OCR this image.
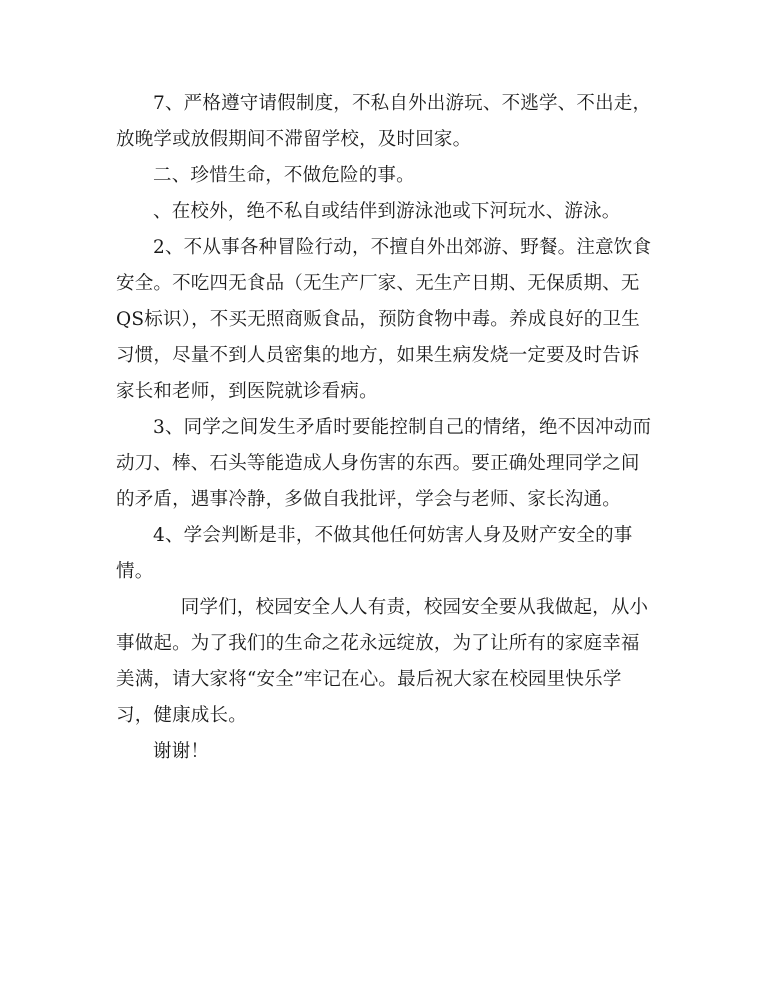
7、严格遵守请假制度，不私自外出游玩、不逃学、不出走，放晚学或放假期间不滞留学校，及时回家。

二、珍惜生命，不做危险的事。

、在校外，绝不私自或结伴到游泳池或下河玩水、游泳。

2、不从事各种冒险行动，不擅自外出郊游、野餐。注意饮食安全。不吃四无食品（无生产厂家、无生产日期、无保质期、无QS标识），不买无照商贩食品，预防食物中毒。养成良好的卫生习惯，尽量不到人员密集的地方，如果生病发烧一定要及时告诉家长和老师，到医院就诊看病。

3、同学之间发生矛盾时要能控制自己的情绪，绝不因冲动而动刀、棒、石头等能造成人身伤害的东西。要正确处理同学之间的矛盾，遇事冷静，多做自我批评，学会与老师、家长沟通。

4、学会判断是非，不做其他任何妨害人身及财产安全的事情。

同学们，校园安全人人有责，校园安全要从我做起，从小事做起。为了我们的生命之花永远绽放，为了让所有的家庭幸福美满，请大家将“安全”牢记在心。最后祝大家在校园里快乐学习，健康成长。

谢谢！
